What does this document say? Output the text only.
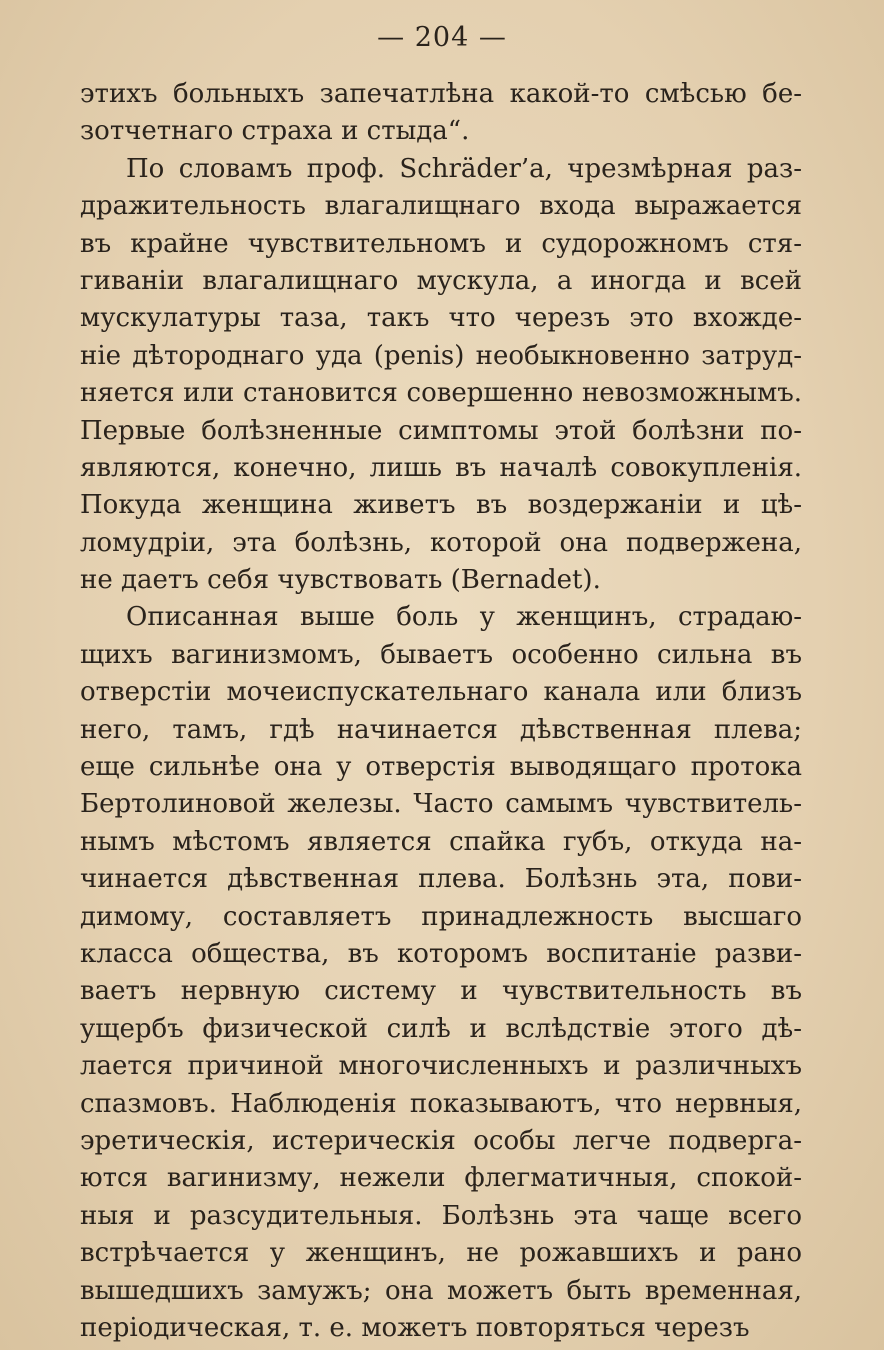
— 204 —
этихъ больныхъ запечатлѣна какой-то смѣсью бе-
зотчетнаго страха и стыда“.
По словамъ проф. Schräder’а, чрезмѣрная раз-
дражительность влагалищнаго входа выражается
въ крайне чувствительномъ и судорожномъ стя-
гиваніи влагалищнаго мускула, а иногда и всей
мускулатуры таза, такъ что черезъ это вхожде-
ніе дѣтороднаго уда (penis) необыкновенно затруд-
няется или становится совершенно невозможнымъ.
Первые болѣзненные симптомы этой болѣзни по-
являются, конечно, лишь въ началѣ совокупленія.
Покуда женщина живетъ въ воздержаніи и цѣ-
ломудріи, эта болѣзнь, которой она подвержена,
не даетъ себя чувствовать (Bernadet).
Описанная выше боль у женщинъ, страдаю-
щихъ вагинизмомъ, бываетъ особенно сильна въ
отверстіи мочеиспускательнаго канала или близъ
него, тамъ, гдѣ начинается дѣвственная плева;
еще сильнѣе она у отверстія выводящаго протока
Бертолиновой железы. Часто самымъ чувствитель-
нымъ мѣстомъ является спайка губъ, откуда на-
чинается дѣвственная плева. Болѣзнь эта, пови-
димому, составляетъ принадлежность высшаго
класса общества, въ которомъ воспитаніе разви-
ваетъ нервную систему и чувствительность въ
ущербъ физической силѣ и вслѣдствіе этого дѣ-
лается причиной многочисленныхъ и различныхъ
спазмовъ. Наблюденія показываютъ, что нервныя,
эретическія, истерическія особы легче подверга-
ются вагинизму, нежели флегматичныя, спокой-
ныя и разсудительныя. Болѣзнь эта чаще всего
встрѣчается у женщинъ, не рожавшихъ и рано
вышедшихъ замужъ; она можетъ быть временная,
періодическая, т. е. можетъ повторяться черезъ
